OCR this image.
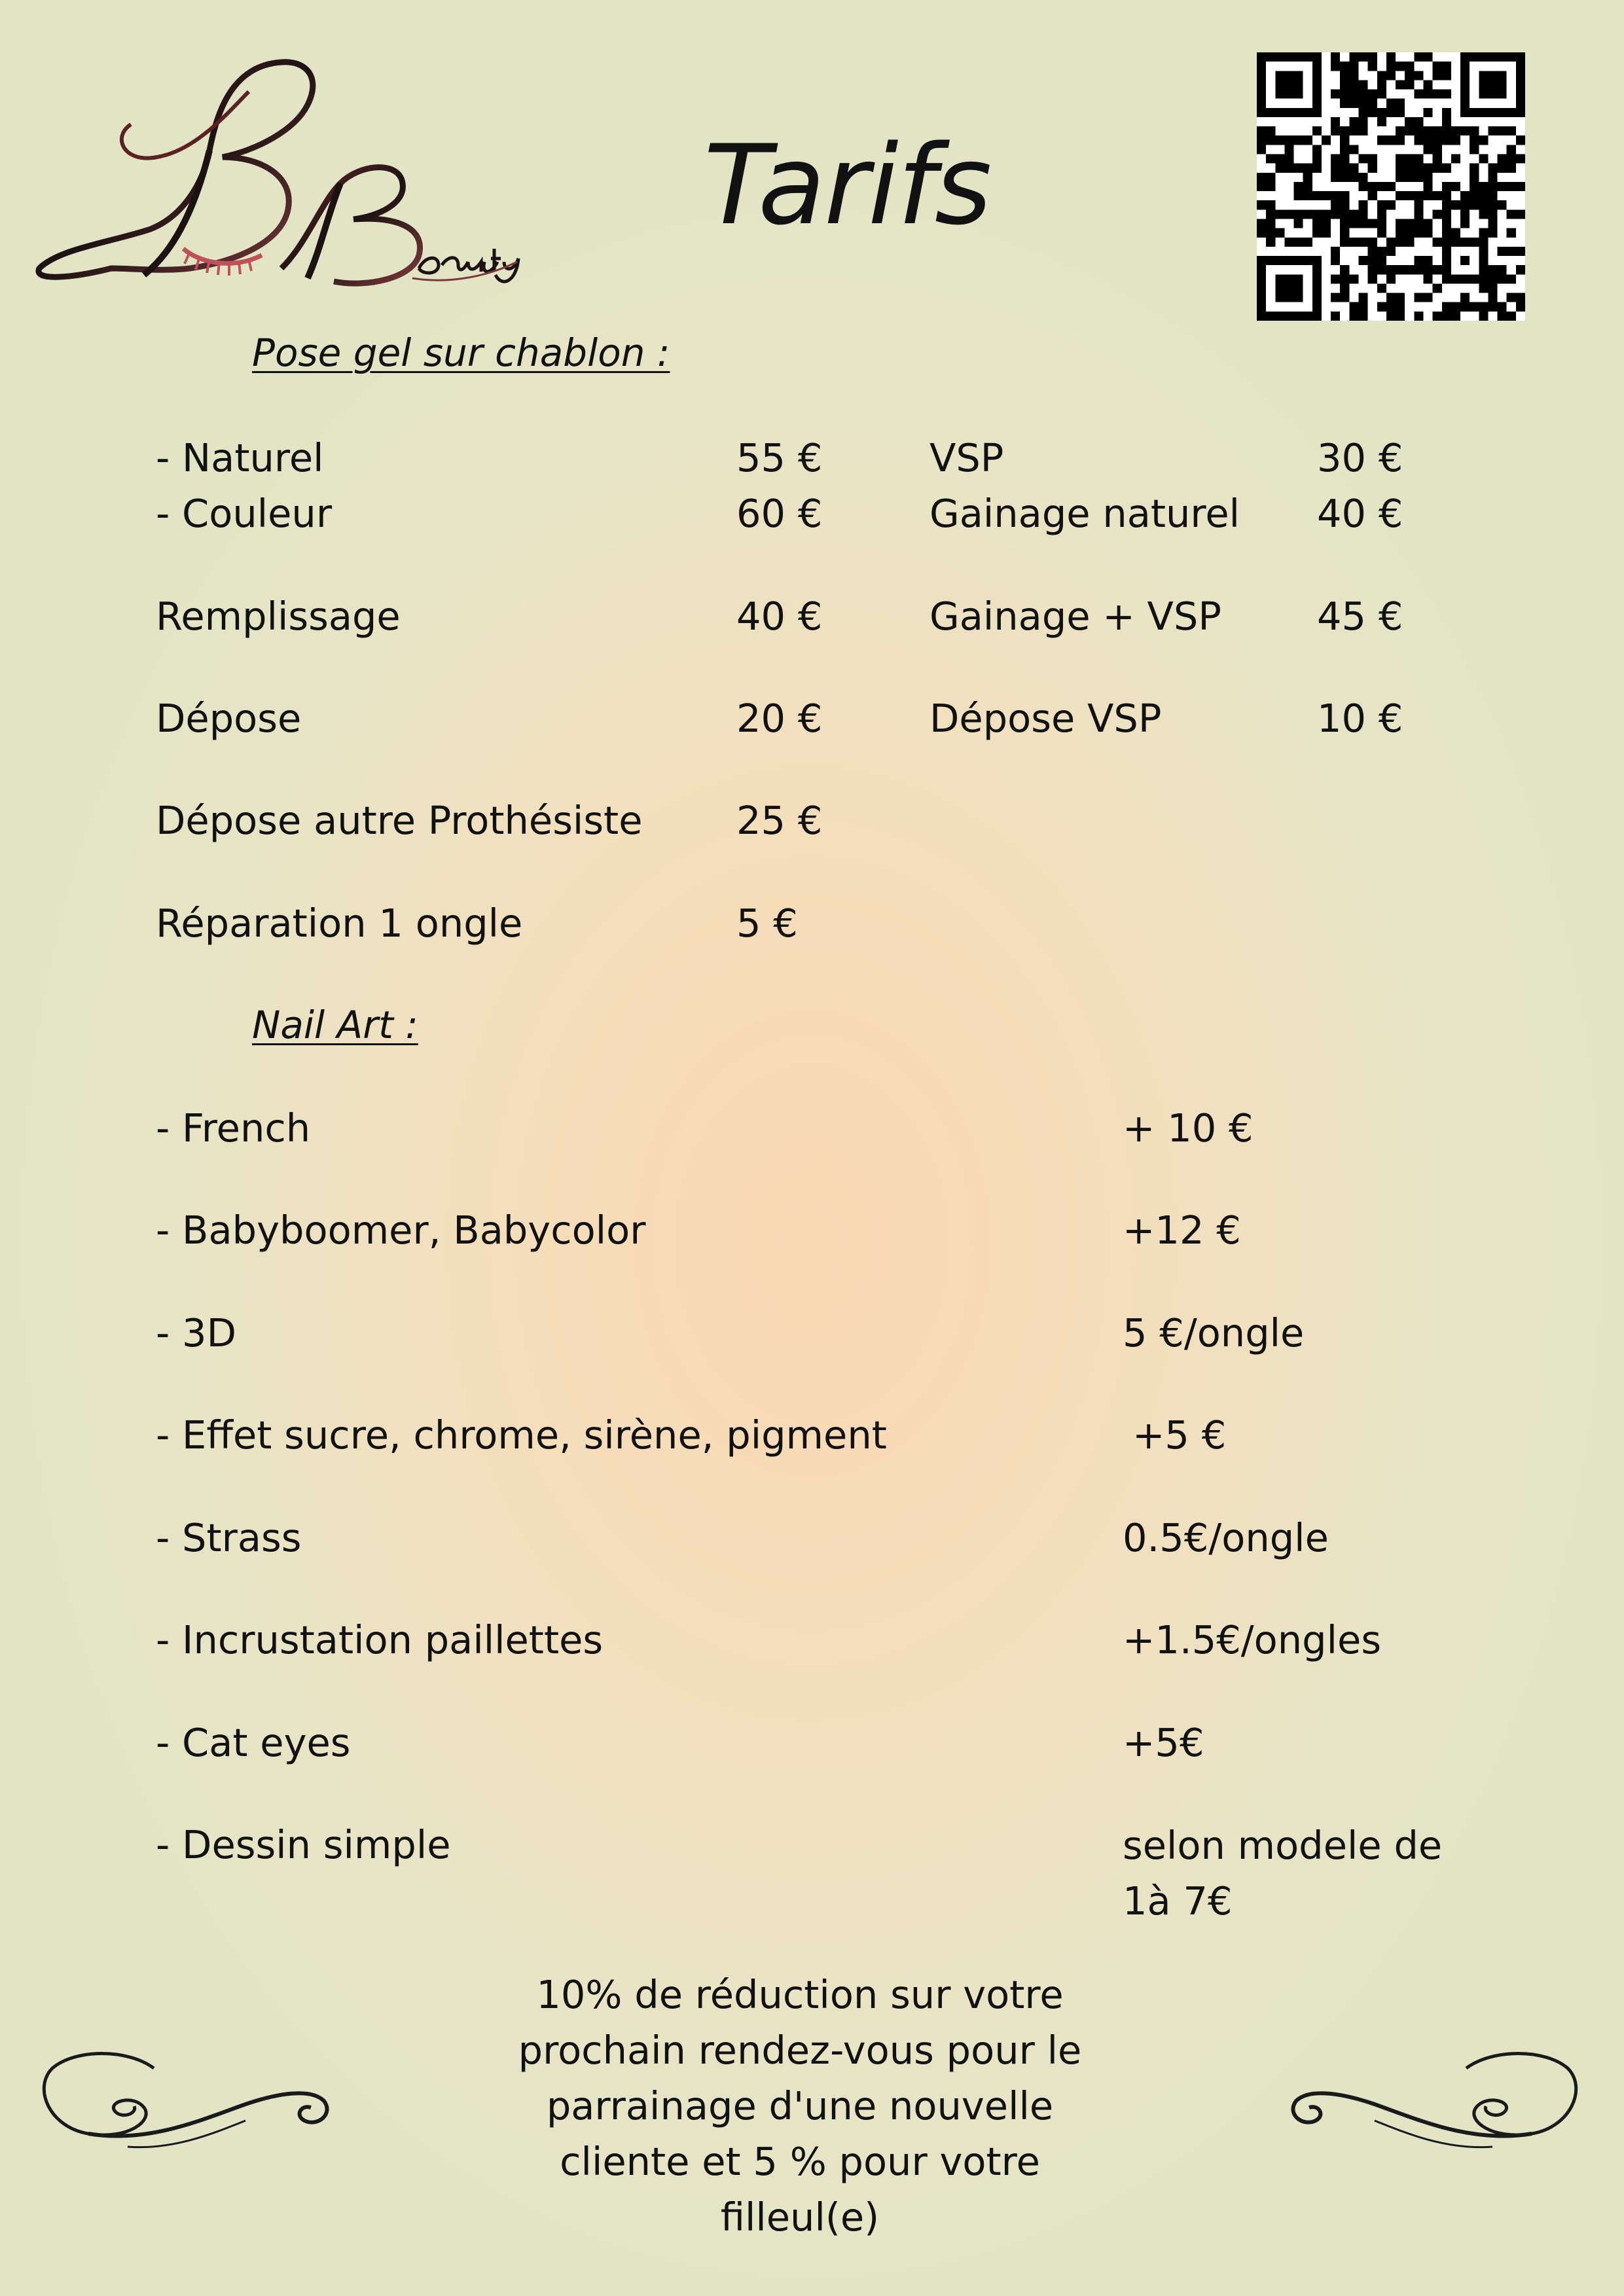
Tarifs
Pose gel sur chablon :
- Naturel	55 €
- Couleur	60 €
Remplissage	40 €
Dépose	20 €
Dépose autre Prothésiste 25 €
Réparation 1 ongle	5 €
VSP	30 €
Gainage naturel 40 €
Gainage + VSP 45 €
Dépose VSP	10 €
Nail Art :
- French	+ 10 €
- Babyboomer, Babycolor	+12 €
- 3D	5 €/ongle
- Effet sucre, chrome, sirène, pigment	+5 €
- Strass	0.5€/ongle
- Incrustation paillettes	+1.5€/ongles
- Cat eyes	+5€
- Dessin simple	selon modele de 1à 7€
10% de réduction sur votre prochain rendez-vous pour le parrainage d'une nouvelle cliente et 5 % pour votre filleul(e)
